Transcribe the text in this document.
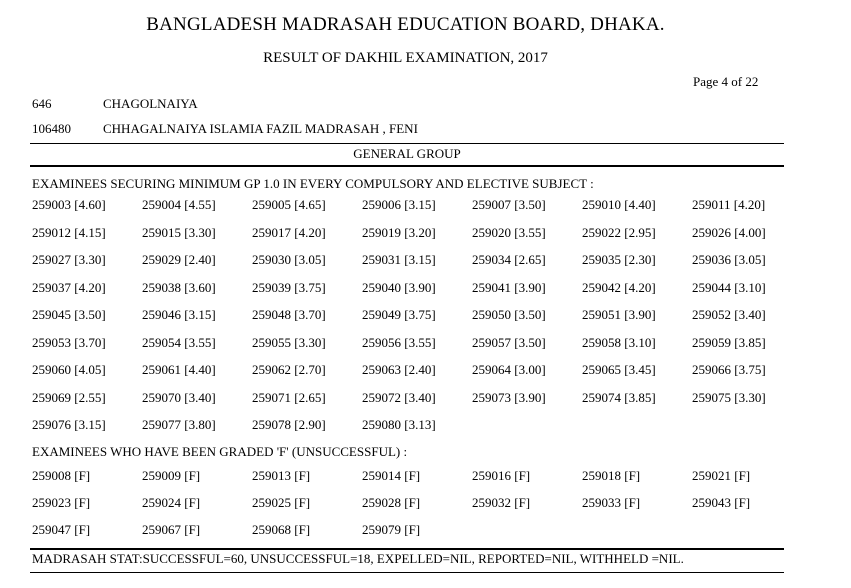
BANGLADESH MADRASAH EDUCATION BOARD, DHAKA.
RESULT OF DAKHIL EXAMINATION, 2017
Page 4 of 22
646	CHAGOLNAIYA
106480 CHHAGALNAIYA ISLAMIA FAZIL MADRASAH , FENI
GENERAL GROUP
EXAMINEES SECURING MINIMUM GP 1.0 IN EVERY COMPULSORY AND ELECTIVE SUBJECT :
259003 [4.60]	259004 [4.55]	259005 [4.65]	259006 [3.15]	259007 [3.50]	259010 [4.40]	259011 [4.20]
259012 [4.15]	259015 [3.30]	259017 [4.20]	259019 [3.20]	259020 [3.55]	259022 [2.95]	259026 [4.00]
259027 [3.30]	259029 [2.40]	259030 [3.05]	259031 [3.15]	259034 [2.65]	259035 [2.30]	259036 [3.05]
259037 [4.20]	259038 [3.60]	259039 [3.75]	259040 [3.90]	259041 [3.90]	259042 [4.20]	259044 [3.10]
259045 [3.50]	259046 [3.15]	259048 [3.70]	259049 [3.75]	259050 [3.50]	259051 [3.90]	259052 [3.40]
259053 [3.70]	259054 [3.55]	259055 [3.30]	259056 [3.55]	259057 [3.50]	259058 [3.10]	259059 [3.85]
259060 [4.05]	259061 [4.40]	259062 [2.70]	259063 [2.40]	259064 [3.00]	259065 [3.45]	259066 [3.75]
259069 [2.55]	259070 [3.40]	259071 [2.65]	259072 [3.40]	259073 [3.90]	259074 [3.85]	259075 [3.30]
259076 [3.15]	259077 [3.80]	259078 [2.90]	259080 [3.13]
EXAMINEES WHO HAVE BEEN GRADED 'F' (UNSUCCESSFUL) :
259008 [F]	259009 [F]	259013 [F]	259014 [F]	259016 [F]	259018 [F]	259021 [F]
259023 [F]	259024 [F]	259025 [F]	259028 [F]	259032 [F]	259033 [F]	259043 [F]
259047 [F]	259067 [F]	259068 [F]	259079 [F]
MADRASAH STAT:SUCCESSFUL=60, UNSUCCESSFUL=18, EXPELLED=NIL, REPORTED=NIL, WITHHELD =NIL.
